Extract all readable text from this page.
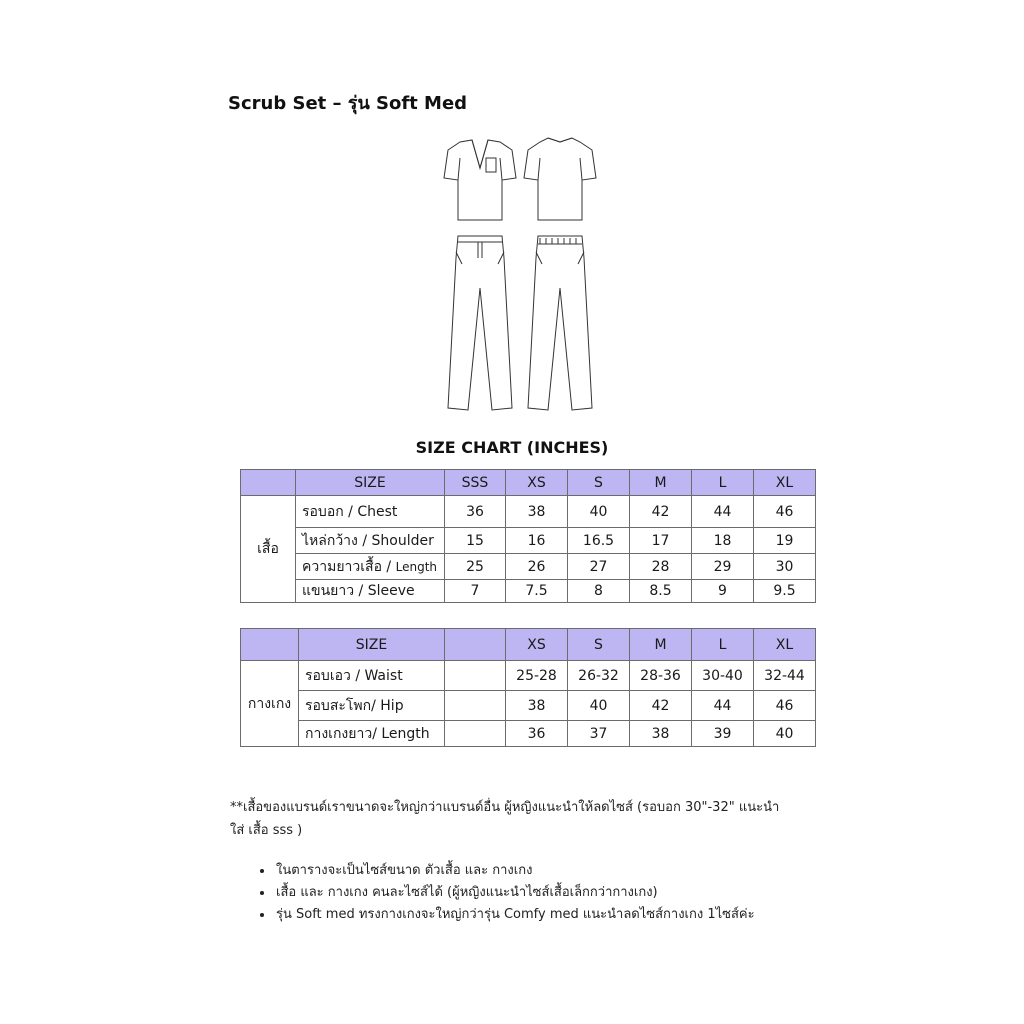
Scrub Set – รุ่น Soft Med
SIZE CHART (INCHES)
	SIZE	SSS	XS	S	M	L	XL
เสื้อ	รอบอก / Chest	36	38	40	42	44	46
	ไหล่กว้าง / Shoulder	15	16	16.5	17	18	19
	ความยาวเสื้อ / Length	25	26	27	28	29	30
	แขนยาว / Sleeve	7	7.5	8	8.5	9	9.5
	SIZE		XS	S	M	L	XL
กางเกง	รอบเอว / Waist		25-28	26-32	28-36	30-40	32-44
	รอบสะโพก/ Hip		38	40	42	44	46
	กางเกงยาว/ Length		36	37	38	39	40
**เสื้อของแบรนด์เราขนาดจะใหญ่กว่าแบรนด์อื่น ผู้หญิงแนะนำให้ลดไซส์ (รอบอก 30"-32" แนะนำใส่ เสื้อ sss )
• ในตารางจะเป็นไซส์ขนาด ตัวเสื้อ และ กางเกง
• เสื้อ และ กางเกง คนละไซส์ได้ (ผู้หญิงแนะนำไซส์เสื้อเล็กกว่ากางเกง)
• รุ่น Soft med ทรงกางเกงจะใหญ่กว่ารุ่น Comfy med แนะนำลดไซส์กางเกง 1ไซส์ค่ะ
